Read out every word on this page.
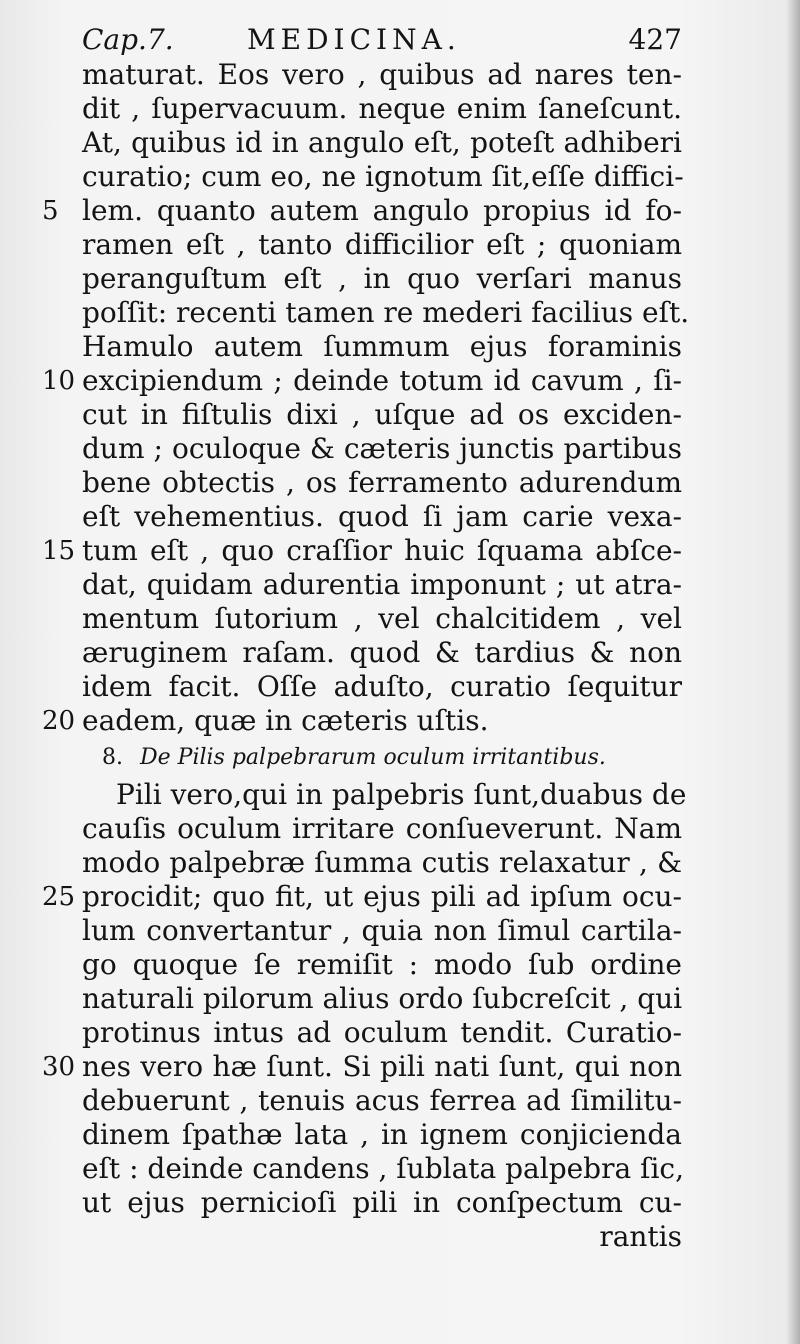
Cap.7.	MEDICINA.	427
maturat. Eos vero , quibus ad nares ten-
dit , ſupervacuum. neque enim ſaneſcunt.
At, quibus id in angulo eſt, poteſt adhiberi
curatio; cum eo, ne ignotum ſit,eſſe diffici-
5 lem. quanto autem angulo propius id fo-
ramen eſt , tanto difficilior eſt ; quoniam
peranguſtum eſt , in quo verſari manus
poſſit: recenti tamen re mederi facilius eſt.
Hamulo autem ſummum ejus foraminis
10 excipiendum ; deinde totum id cavum , ſi-
cut in fiſtulis dixi , uſque ad os exciden-
dum ; oculoque & cæteris junctis partibus
bene obtectis , os ferramento adurendum
eſt vehementius. quod ſi jam carie vexa-
15 tum eſt , quo craſſior huic ſquama abſce-
dat, quidam adurentia imponunt ; ut atra-
mentum ſutorium , vel chalcitidem , vel
æruginem raſam. quod & tardius & non
idem facit. Oſſe aduſto, curatio ſequitur
20 eadem, quæ in cæteris uſtis.
8. De Pilis palpebrarum oculum irritantibus.
Pili vero,qui in palpebris ſunt,duabus de
cauſis oculum irritare conſueverunt. Nam
modo palpebræ ſumma cutis relaxatur , &
25 procidit; quo fit, ut ejus pili ad ipſum ocu-
lum convertantur , quia non ſimul cartila-
go quoque ſe remiſit : modo ſub ordine
naturali pilorum alius ordo ſubcreſcit , qui
protinus intus ad oculum tendit. Curatio-
30 nes vero hæ ſunt. Si pili nati ſunt, qui non
debuerunt , tenuis acus ferrea ad ſimilitu-
dinem ſpathæ lata , in ignem conjicienda
eſt : deinde candens , ſublata palpebra ſic,
ut ejus pernicioſi pili in conſpectum cu-
rantis
